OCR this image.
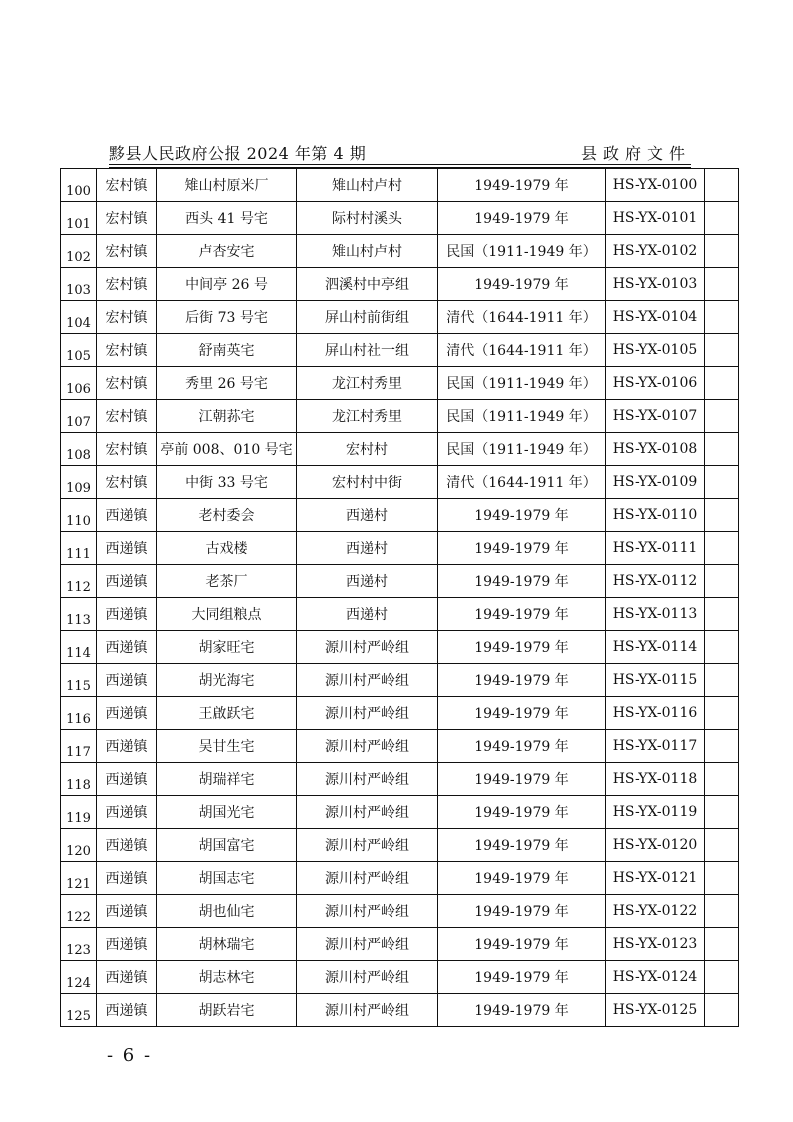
黟县人民政府公报 2024 年第 4 期	县政府文件
100	宏村镇	雉山村原米厂	雉山村卢村	1949-1979 年	HS-YX-0100	
101	宏村镇	西头 41 号宅	际村村溪头	1949-1979 年	HS-YX-0101	
102	宏村镇	卢杏安宅	雉山村卢村	民国（1911-1949 年）	HS-YX-0102	
103	宏村镇	中间亭 26 号	泗溪村中亭组	1949-1979 年	HS-YX-0103	
104	宏村镇	后街 73 号宅	屏山村前街组	清代（1644-1911 年）	HS-YX-0104	
105	宏村镇	舒南英宅	屏山村社一组	清代（1644-1911 年）	HS-YX-0105	
106	宏村镇	秀里 26 号宅	龙江村秀里	民国（1911-1949 年）	HS-YX-0106	
107	宏村镇	江朝荪宅	龙江村秀里	民国（1911-1949 年）	HS-YX-0107	
108	宏村镇	亭前 008、010 号宅	宏村村	民国（1911-1949 年）	HS-YX-0108	
109	宏村镇	中街 33 号宅	宏村村中街	清代（1644-1911 年）	HS-YX-0109	
110	西递镇	老村委会	西递村	1949-1979 年	HS-YX-0110	
111	西递镇	古戏楼	西递村	1949-1979 年	HS-YX-0111	
112	西递镇	老茶厂	西递村	1949-1979 年	HS-YX-0112	
113	西递镇	大同组粮点	西递村	1949-1979 年	HS-YX-0113	
114	西递镇	胡家旺宅	源川村严岭组	1949-1979 年	HS-YX-0114	
115	西递镇	胡光海宅	源川村严岭组	1949-1979 年	HS-YX-0115	
116	西递镇	王啟跃宅	源川村严岭组	1949-1979 年	HS-YX-0116	
117	西递镇	吴甘生宅	源川村严岭组	1949-1979 年	HS-YX-0117	
118	西递镇	胡瑞祥宅	源川村严岭组	1949-1979 年	HS-YX-0118	
119	西递镇	胡国光宅	源川村严岭组	1949-1979 年	HS-YX-0119	
120	西递镇	胡国富宅	源川村严岭组	1949-1979 年	HS-YX-0120	
121	西递镇	胡国志宅	源川村严岭组	1949-1979 年	HS-YX-0121	
122	西递镇	胡也仙宅	源川村严岭组	1949-1979 年	HS-YX-0122	
123	西递镇	胡林瑞宅	源川村严岭组	1949-1979 年	HS-YX-0123	
124	西递镇	胡志林宅	源川村严岭组	1949-1979 年	HS-YX-0124	
125	西递镇	胡跃岩宅	源川村严岭组	1949-1979 年	HS-YX-0125	
- 6 -
